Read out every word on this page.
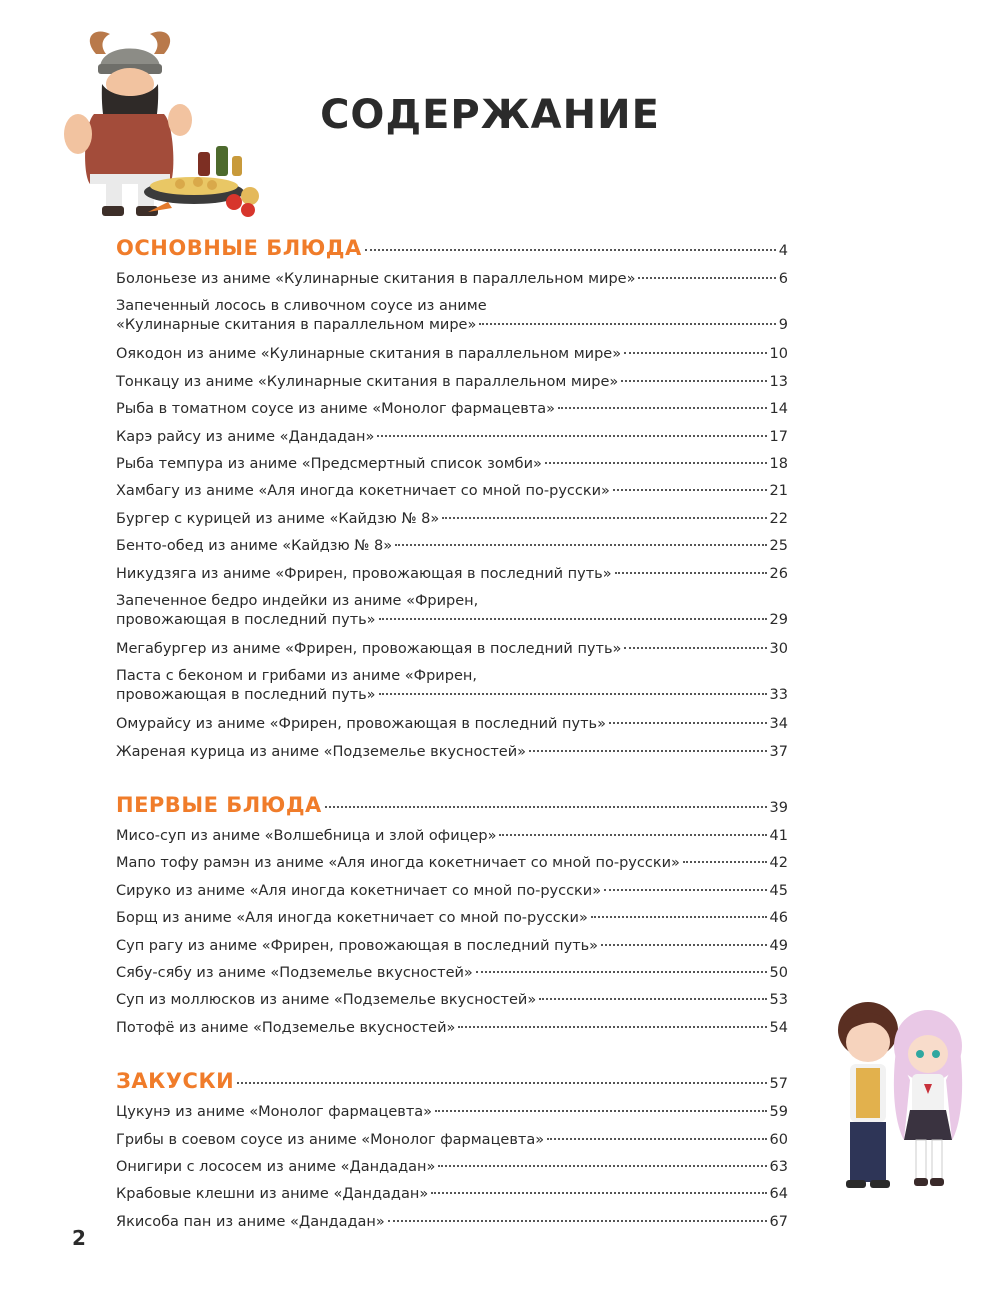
СОДЕРЖАНИЕ
ОСНОВНЫЕ БЛЮДА	4
Болоньезе из аниме «Кулинарные скитания в параллельном мире»	6
Запеченный лосось в сливочном соусе из аниме
«Кулинарные скитания в параллельном мире»	9
Оякодон из аниме «Кулинарные скитания в параллельном мире»	10
Тонкацу из аниме «Кулинарные скитания в параллельном мире»	13
Рыба в томатном соусе из аниме «Монолог фармацевта»	14
Карэ райсу из аниме «Дандадан»	17
Рыба темпура из аниме «Предсмертный список зомби»	18
Хамбагу из аниме «Аля иногда кокетничает со мной по-русски»	21
Бургер с курицей из аниме «Кайдзю № 8»	22
Бенто-обед из аниме «Кайдзю № 8»	25
Никудзяга из аниме «Фрирен, провожающая в последний путь»	26
Запеченное бедро индейки из аниме «Фрирен,
провожающая в последний путь»	29
Мегабургер из аниме «Фрирен, провожающая в последний путь»	30
Паста с беконом и грибами из аниме «Фрирен,
провожающая в последний путь»	33
Омурайсу из аниме «Фрирен, провожающая в последний путь»	34
Жареная курица из аниме «Подземелье вкусностей»	37
ПЕРВЫЕ БЛЮДА	39
Мисо-суп из аниме «Волшебница и злой офицер»	41
Мапо тофу рамэн из аниме «Аля иногда кокетничает со мной по-русски»	42
Сируко из аниме «Аля иногда кокетничает со мной по-русски»	45
Борщ из аниме «Аля иногда кокетничает со мной по-русски»	46
Суп рагу из аниме «Фрирен, провожающая в последний путь»	49
Сябу-сябу из аниме «Подземелье вкусностей»	50
Суп из моллюсков из аниме «Подземелье вкусностей»	53
Потофё из аниме «Подземелье вкусностей»	54
ЗАКУСКИ	57
Цукунэ из аниме «Монолог фармацевта»	59
Грибы в соевом соусе из аниме «Монолог фармацевта»	60
Онигири с лососем из аниме «Дандадан»	63
Крабовые клешни из аниме «Дандадан»	64
Якисоба пан из аниме «Дандадан»	67
2
